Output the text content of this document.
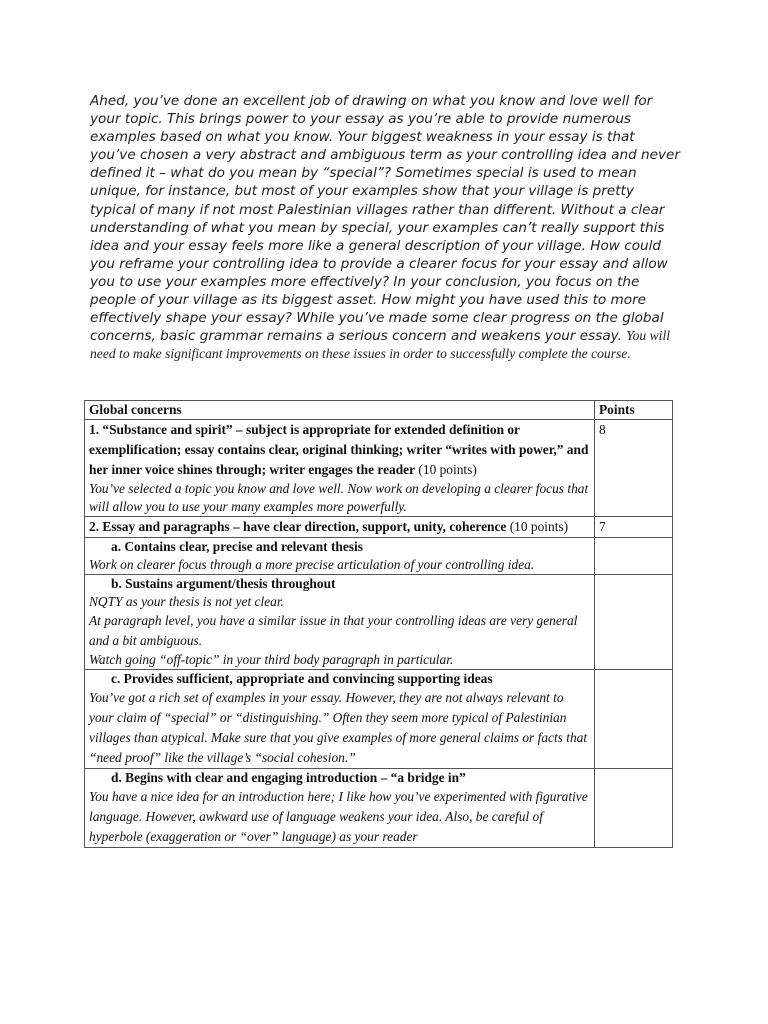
Ahed, you’ve done an excellent job of drawing on what you know and love well for your topic. This brings power to your essay as you’re able to provide numerous examples based on what you know. Your biggest weakness in your essay is that you’ve chosen a very abstract and ambiguous term as your controlling idea and never defined it – what do you mean by “special”? Sometimes special is used to mean unique, for instance, but most of your examples show that your village is pretty typical of many if not most Palestinian villages rather than different. Without a clear understanding of what you mean by special, your examples can’t really support this idea and your essay feels more like a general description of your village. How could you reframe your controlling idea to provide a clearer focus for your essay and allow you to use your examples more effectively? In your conclusion, you focus on the people of your village as its biggest asset. How might you have used this to more effectively shape your essay? While you’ve made some clear progress on the global concerns, basic grammar remains a serious concern and weakens your essay. You will need to make significant improvements on these issues in order to successfully complete the course.

Global concerns	Points

1. “Substance and spirit” – subject is appropriate for extended definition or exemplification; essay contains clear, original thinking; writer “writes with power,” and her inner voice shines through; writer engages the reader (10 points)
You’ve selected a topic you know and love well. Now work on developing a clearer focus that will allow you to use your many examples more powerfully.	8
2. Essay and paragraphs – have clear direction, support, unity, coherence (10 points)	7

a. Contains clear, precise and relevant thesis
Work on clearer focus through a more precise articulation of your controlling idea.	

b. Sustains argument/thesis throughout
NQTY as your thesis is not yet clear.
At paragraph level, you have a similar issue in that your controlling ideas are very general and a bit ambiguous.
Watch going “off-topic” in your third body paragraph in particular.	

c. Provides sufficient, appropriate and convincing supporting ideas
You’ve got a rich set of examples in your essay. However, they are not always relevant to your claim of “special” or “distinguishing.” Often they seem more typical of Palestinian villages than atypical. Make sure that you give examples of more general claims or facts that “need proof” like the village’s “social cohesion.”	

d. Begins with clear and engaging introduction – “a bridge in”
You have a nice idea for an introduction here; I like how you’ve experimented with figurative language. However, awkward use of language weakens your idea. Also, be careful of hyperbole (exaggeration or “over” language) as your reader	
